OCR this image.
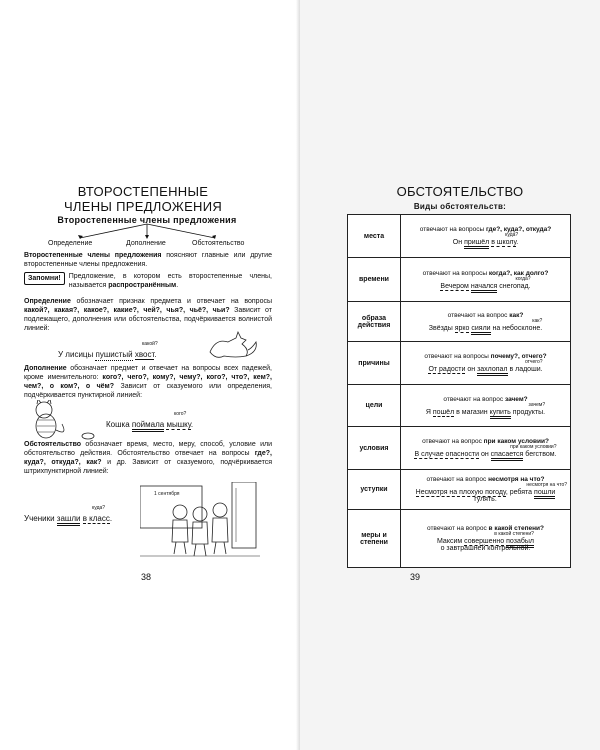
ВТОРОСТЕПЕННЫЕ ЧЛЕНЫ ПРЕДЛОЖЕНИЯ
Второстепенные члены предложения
Определение	Дополнение	Обстоятельство
Второстепенные члены предложения поясняют главные или другие второстепенные члены предложения.
Запомни!	Предложение, в котором есть второстепенные члены, называется распространённым.
Определение обозначает признак предмета и отвечает на вопросы какой?, какая?, какое?, какие?, чей?, чья?, чьё?, чьи? Зависит от подлежащего, дополнения или обстоятельства, подчёркивается волнистой линией:
У лисицы пушистый хвост.
какой?
Дополнение обозначает предмет и отвечает на вопросы всех падежей, кроме именительного: кого?, чего?, кому?, чему?, кого?, что?, кем?, чем?, о ком?, о чём? Зависит от сказуемого или определения, подчёркивается пунктирной линией:
Кошка поймала мышку.
кого?
Обстоятельство обозначает время, место, меру, способ, условие или обстоятельство действия. Обстоятельство отвечает на вопросы где?, куда?, откуда?, как? и др. Зависит от сказуемого, подчёркивается штрихпунктирной линией:
Ученики зашли в класс.
куда?
1 сентября
38
ОБСТОЯТЕЛЬСТВО
Виды обстоятельств:
места	отвечают на вопросы где?, куда?, откуда?
куда?
Он пришёл в школу.
времени	отвечают на вопросы когда?, как долго?
когда?
Вечером начался снегопад.
образа действия	отвечают на вопрос как?
как?
Звёзды ярко сияли на небосклоне.
причины	отвечают на вопросы почему?, отчего?
отчего?
От радости он захлопал в ладоши.
цели	отвечают на вопрос зачем?
зачем?
Я пошёл в магазин купить продукты.
условия	отвечают на вопрос при каком условии?
при каком условии?
В случае опасности он спасается бегством.
уступки	отвечают на вопрос несмотря на что?
несмотря на что?
Несмотря на плохую погоду, ребята пошли гулять.
меры и степени	отвечают на вопрос в какой степени?
в какой степени?
Максим совершенно позабыл
о завтрашней контрольной.
39
